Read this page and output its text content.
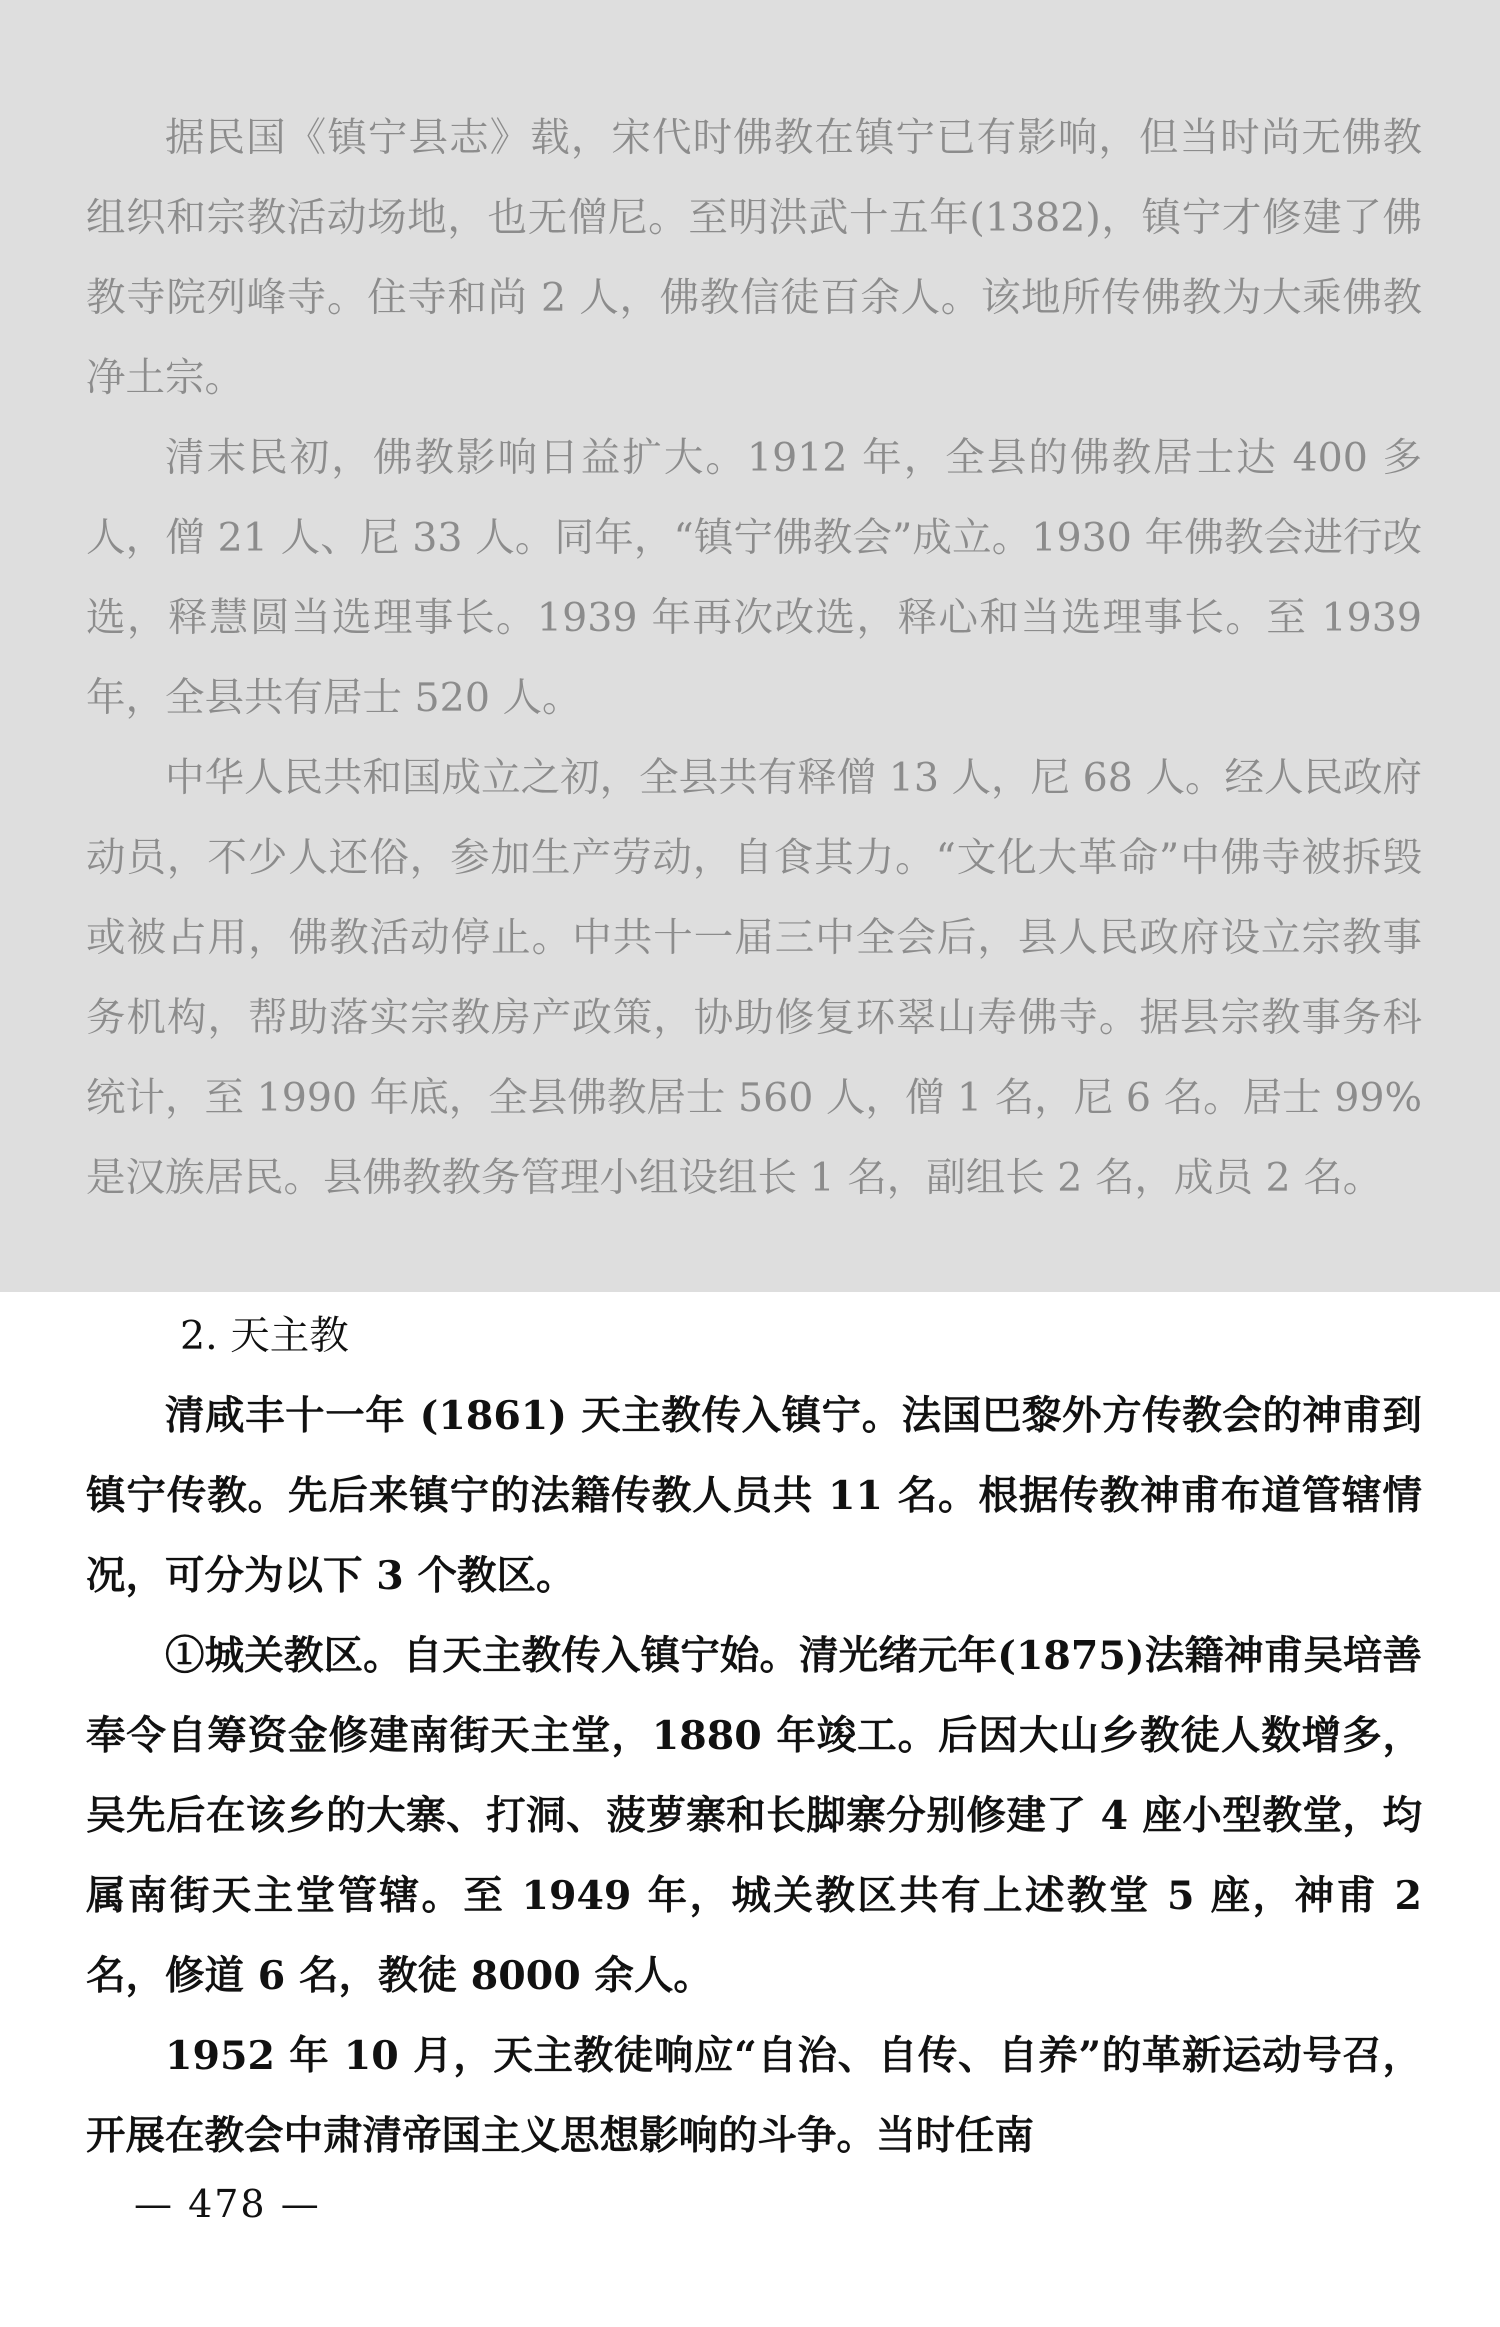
据民国《镇宁县志》载，宋代时佛教在镇宁已有影响，但当时尚无佛教组织和宗教活动场地，也无僧尼。至明洪武十五年(1382)，镇宁才修建了佛教寺院列峰寺。住寺和尚 2 人，佛教信徒百余人。该地所传佛教为大乘佛教净土宗。

清末民初，佛教影响日益扩大。1912 年，全县的佛教居士达 400 多人，僧 21 人、尼 33 人。同年，“镇宁佛教会”成立。1930 年佛教会进行改选，释慧圆当选理事长。1939 年再次改选，释心和当选理事长。至 1939 年，全县共有居士 520 人。

中华人民共和国成立之初，全县共有释僧 13 人，尼 68 人。经人民政府动员，不少人还俗，参加生产劳动，自食其力。“文化大革命”中佛寺被拆毁或被占用，佛教活动停止。中共十一届三中全会后，县人民政府设立宗教事务机构，帮助落实宗教房产政策，协助修复环翠山寿佛寺。据县宗教事务科统计，至 1990 年底，全县佛教居士 560 人，僧 1 名，尼 6 名。居士 99%是汉族居民。县佛教教务管理小组设组长 1 名，副组长 2 名，成员 2 名。

2. 天主教

清咸丰十一年 (1861) 天主教传入镇宁。法国巴黎外方传教会的神甫到镇宁传教。先后来镇宁的法籍传教人员共 11 名。根据传教神甫布道管辖情况，可分为以下 3 个教区。

①城关教区。自天主教传入镇宁始。清光绪元年(1875)法籍神甫吴培善奉令自筹资金修建南街天主堂，1880 年竣工。后因大山乡教徒人数增多，吴先后在该乡的大寨、打洞、菠萝寨和长脚寨分别修建了 4 座小型教堂，均属南街天主堂管辖。至 1949 年，城关教区共有上述教堂 5 座，神甫 2 名，修道 6 名，教徒 8000 余人。

1952 年 10 月，天主教徒响应“自治、自传、自养”的革新运动号召，开展在教会中肃清帝国主义思想影响的斗争。当时任南

— 478 —
